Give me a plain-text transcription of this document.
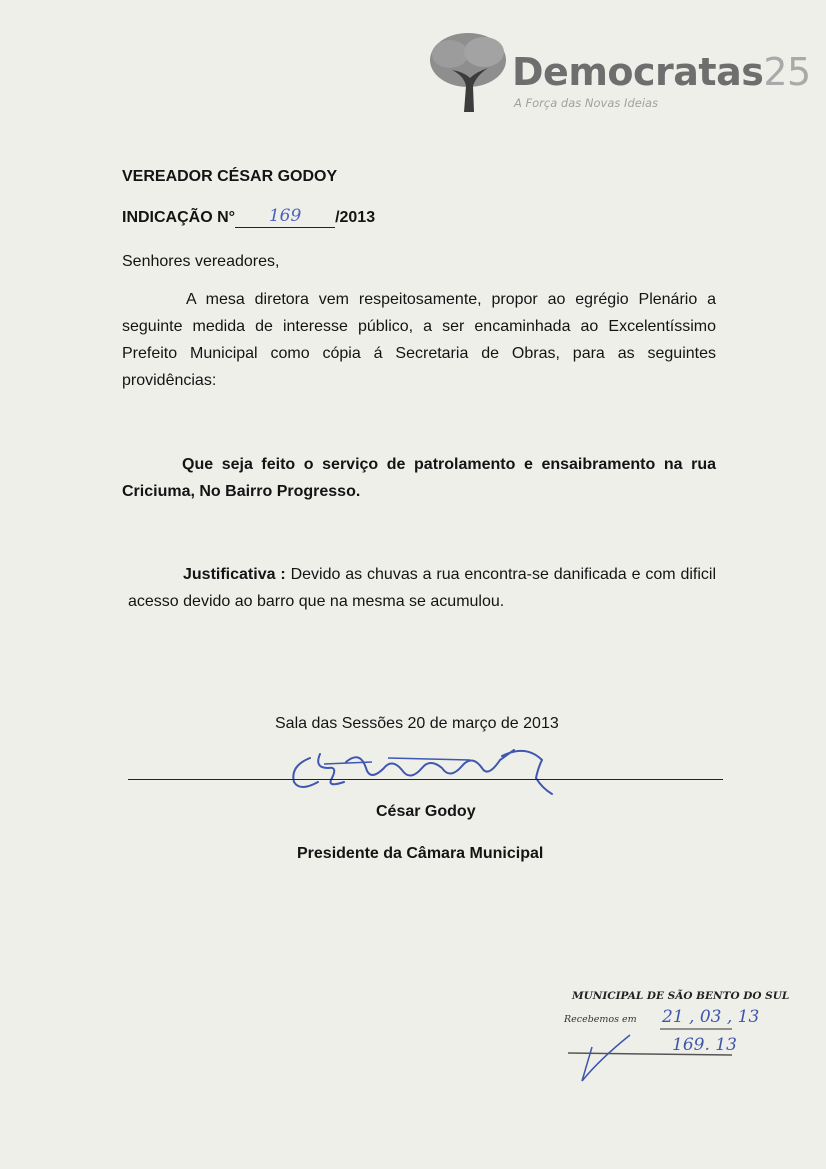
Democratas25
A Força das Novas Ideias
VEREADOR CÉSAR GODOY
INDICAÇÃO N° 169 /2013
Senhores vereadores,
A mesa diretora vem respeitosamente, propor ao egrégio Plenário a seguinte medida de interesse público, a ser encaminhada ao Excelentíssimo Prefeito Municipal como cópia á Secretaria de Obras, para as seguintes providências:
Que seja feito o serviço de patrolamento e ensaibramento na rua Criciuma, No Bairro Progresso.
Justificativa : Devido as chuvas a rua encontra-se danificada e com dificil acesso devido ao barro que na mesma se acumulou.
Sala das Sessões 20 de março de 2013
César Godoy
Presidente da Câmara Municipal
MUNICIPAL DE SÃO BENTO DO SUL
Recebemos em 21 , 03 , 13
169. 13
